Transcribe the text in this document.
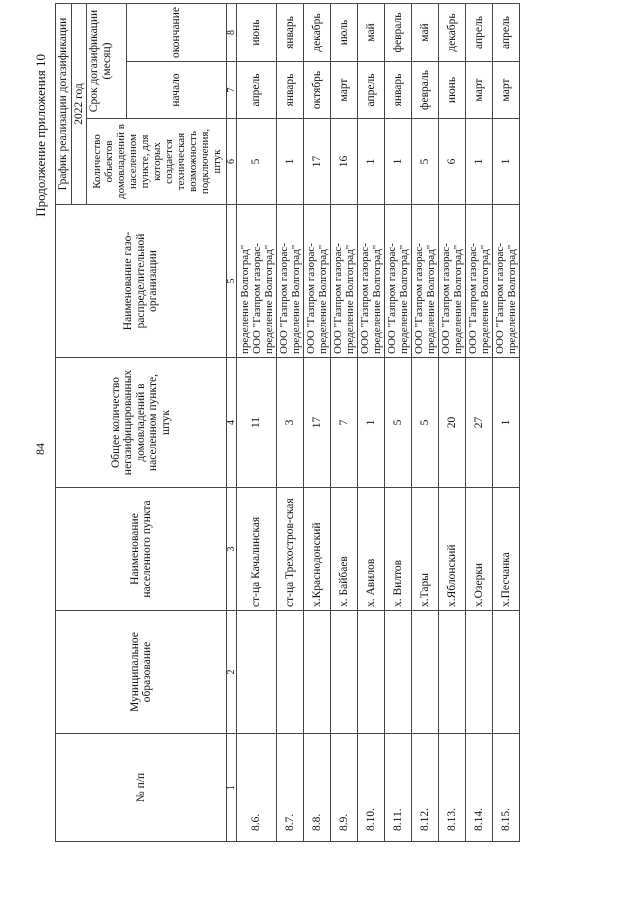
84
Продолжение приложения 10
№ п/п	Муниципальное образование	Наименование населенного пункта	Общее количество негазифицированных домовладений в населенном пункте, штук	Наименование газо-распределительной организации	График реализации догазификации		
					2022 год		
					Количество объектов домовладений в населенном пункте, для которых создается техническая возможность подключения, штук	Срок догазификации (месяц)	
						начало	окончание
1	2	3	4	5	6	7	8
8.6.		ст-ца Качалинская	11	пределение Волгоград" ООО "Газпром газорас- пределение Волгоград"	5	апрель	июнь
8.7.		ст-ца Трехостров-ская	3	ООО "Газпром газорас- пределение Волгоград"	1	январь	январь
8.8.		х.Краснодонский	17	ООО "Газпром газорас- пределение Волгоград"	17	октябрь	декабрь
8.9.		х. Байбаев	7	ООО "Газпром газорас- пределение Волгоград"	16	март	июль
8.10.		х. Авилов	1	ООО "Газпром газорас- пределение Волгоград"	1	апрель	май
8.11.		х. Вилтов	5	ООО "Газпром газорас- пределение Волгоград"	1	январь	февраль
8.12.		х.Тары	5	ООО "Газпром газорас- пределение Волгоград"	5	февраль	май
8.13.		х.Яблонский	20	ООО "Газпром газорас- пределение Волгоград"	6	июнь	декабрь
8.14.		х.Озерки	27	ООО "Газпром газорас- пределение Волгоград"	1	март	апрель
8.15.		х.Песчанка	1	ООО "Газпром газорас- пределение Волгоград"	1	март	апрель
